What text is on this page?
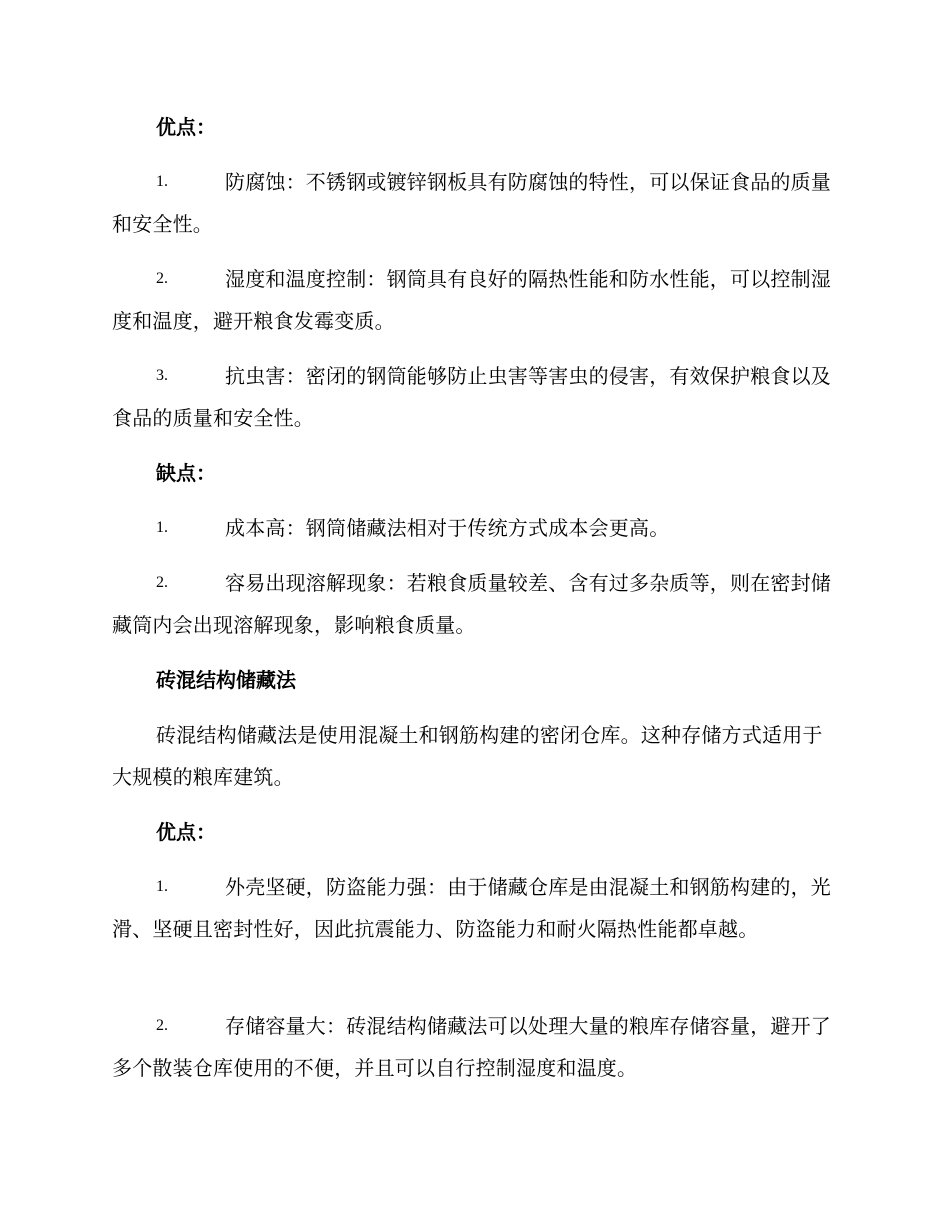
优点：
1.	防腐蚀：不锈钢或镀锌钢板具有防腐蚀的特性，可以保证食品的质量和安全性。
2.	湿度和温度控制：钢筒具有良好的隔热性能和防水性能，可以控制湿度和温度，避开粮食发霉变质。
3.	抗虫害：密闭的钢筒能够防止虫害等害虫的侵害，有效保护粮食以及食品的质量和安全性。
缺点：
1.	成本高：钢筒储藏法相对于传统方式成本会更高。
2.	容易出现溶解现象：若粮食质量较差、含有过多杂质等，则在密封储藏筒内会出现溶解现象，影响粮食质量。
砖混结构储藏法
砖混结构储藏法是使用混凝土和钢筋构建的密闭仓库。这种存储方式适用于大规模的粮库建筑。
优点：
1.	外壳坚硬，防盗能力强：由于储藏仓库是由混凝土和钢筋构建的，光滑、坚硬且密封性好，因此抗震能力、防盗能力和耐火隔热性能都卓越。
2.	存储容量大：砖混结构储藏法可以处理大量的粮库存储容量，避开了多个散装仓库使用的不便，并且可以自行控制湿度和温度。
